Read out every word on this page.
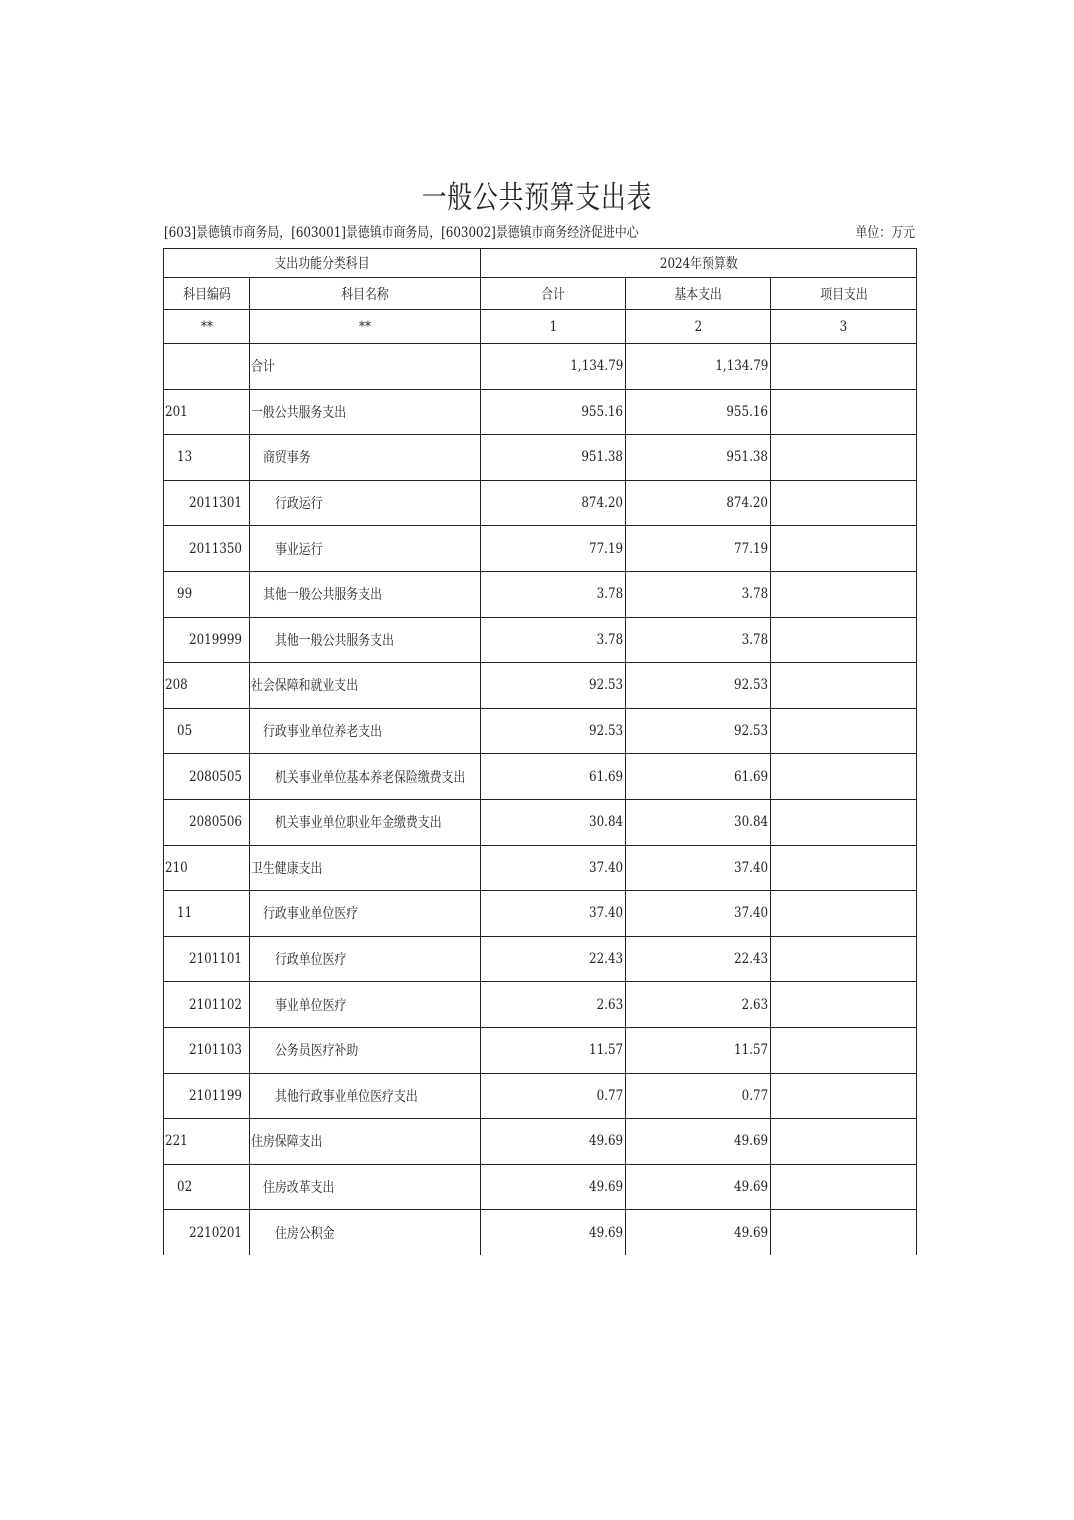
一般公共预算支出表
[603]景德镇市商务局，[603001]景德镇市商务局，[603002]景德镇市商务经济促进中心	单位：万元
支出功能分类科目		2024年预算数		
科目编码	科目名称	合计	基本支出	项目支出
**	**	1	2	3
	合计	1,134.79	1,134.79	
201	一般公共服务支出	955.16	955.16	
13	商贸事务	951.38	951.38	
2011301	行政运行	874.20	874.20	
2011350	事业运行	77.19	77.19	
99	其他一般公共服务支出	3.78	3.78	
2019999	其他一般公共服务支出	3.78	3.78	
208	社会保障和就业支出	92.53	92.53	
05	行政事业单位养老支出	92.53	92.53	
2080505	机关事业单位基本养老保险缴费支出	61.69	61.69	
2080506	机关事业单位职业年金缴费支出	30.84	30.84	
210	卫生健康支出	37.40	37.40	
11	行政事业单位医疗	37.40	37.40	
2101101	行政单位医疗	22.43	22.43	
2101102	事业单位医疗	2.63	2.63	
2101103	公务员医疗补助	11.57	11.57	
2101199	其他行政事业单位医疗支出	0.77	0.77	
221	住房保障支出	49.69	49.69	
02	住房改革支出	49.69	49.69	
2210201	住房公积金	49.69	49.69	
